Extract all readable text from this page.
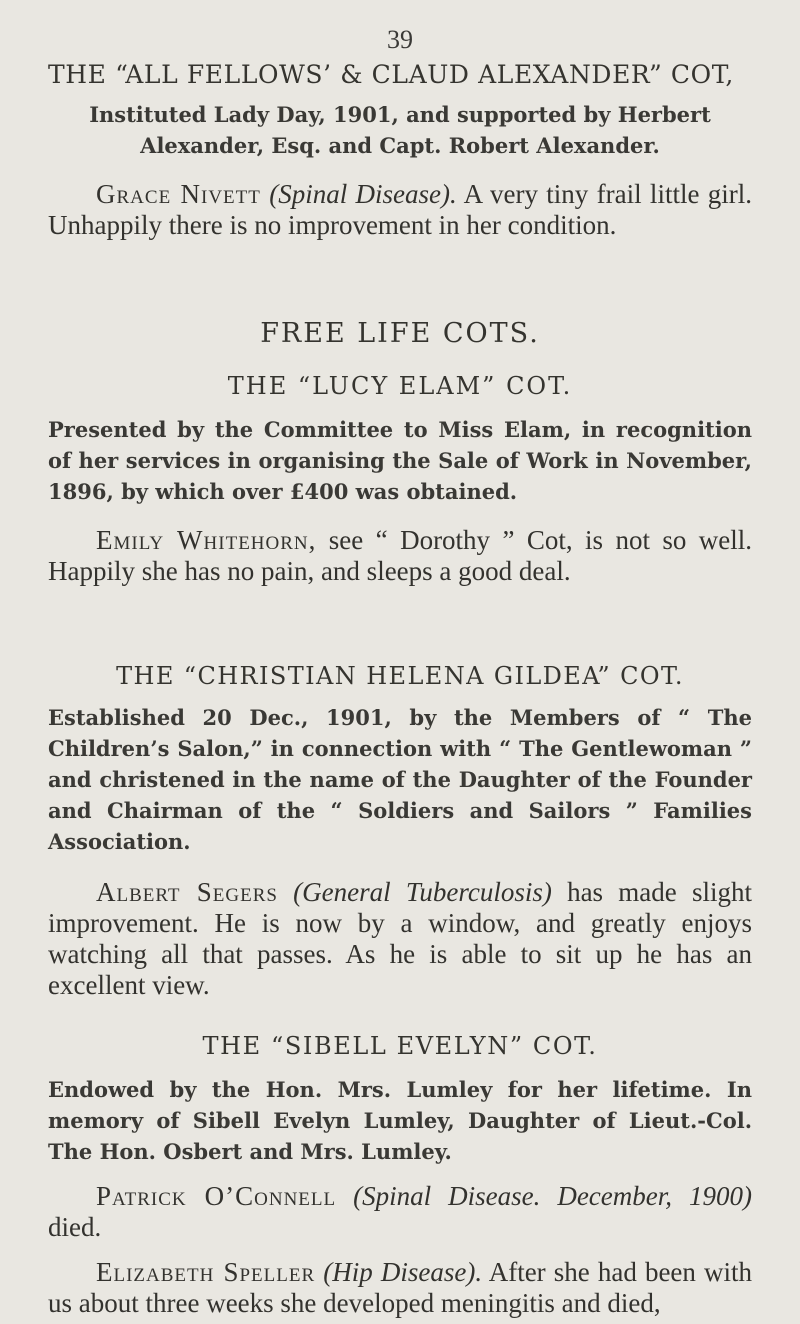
39
THE “ALL FELLOWS’ & CLAUD ALEXANDER” COT,
Instituted Lady Day, 1901, and supported by Herbert Alexander, Esq. and Capt. Robert Alexander.
Grace Nivett (Spinal Disease). A very tiny frail little girl. Unhappily there is no improvement in her condition.
FREE LIFE COTS.
THE “LUCY ELAM” COT.
Presented by the Committee to Miss Elam, in recognition of her services in organising the Sale of Work in November, 1896, by which over £400 was obtained.
Emily Whitehorn, see “ Dorothy ” Cot, is not so well. Happily she has no pain, and sleeps a good deal.
THE “CHRISTIAN HELENA GILDEA” COT.
Established 20 Dec., 1901, by the Members of “ The Children’s Salon,” in connection with “ The Gentlewoman ” and christened in the name of the Daughter of the Founder and Chairman of the “ Soldiers and Sailors ” Families Association.
Albert Segers (General Tuberculosis) has made slight improvement. He is now by a window, and greatly enjoys watching all that passes. As he is able to sit up he has an excellent view.
THE “SIBELL EVELYN” COT.
Endowed by the Hon. Mrs. Lumley for her lifetime. In memory of Sibell Evelyn Lumley, Daughter of Lieut.-Col. The Hon. Osbert and Mrs. Lumley.
Patrick O’Connell (Spinal Disease. December, 1900) died.
Elizabeth Speller (Hip Disease). After she had been with us about three weeks she developed meningitis and died,
